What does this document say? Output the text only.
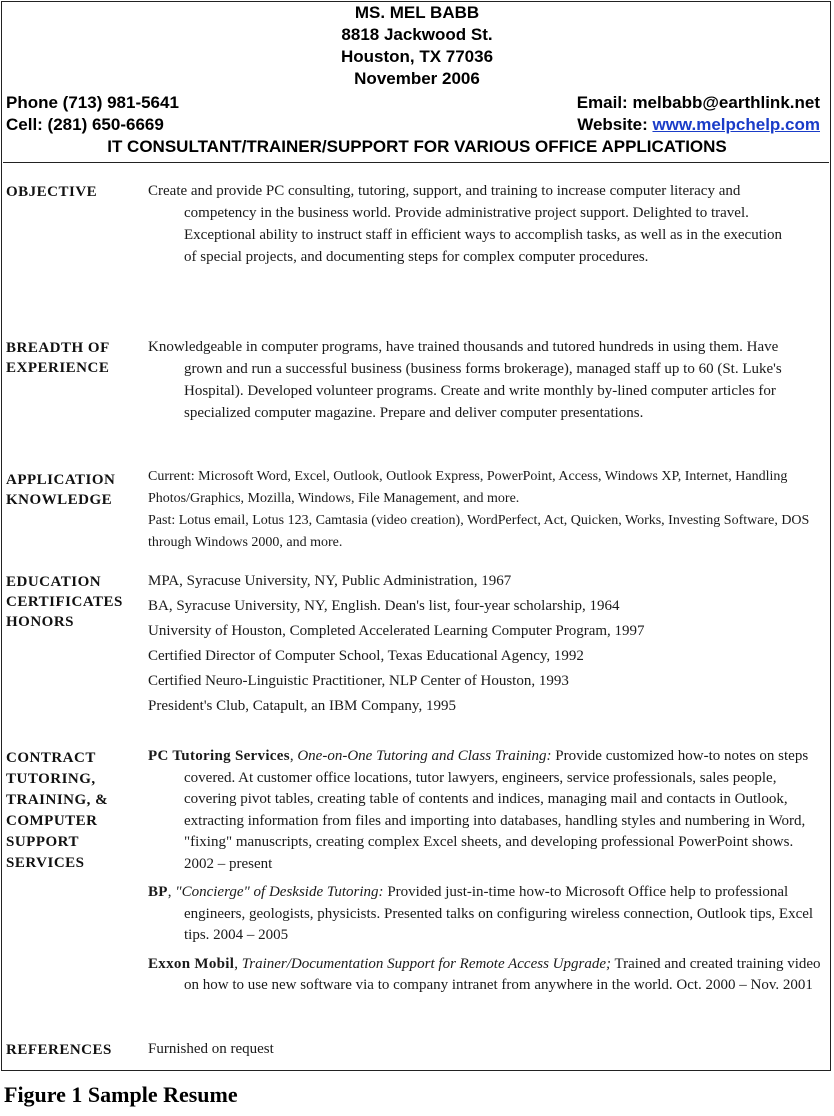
MS. MEL BABB
8818 Jackwood St.
Houston, TX 77036
November 2006
Phone (713) 981-5641
Cell: (281) 650-6669
Email: melbabb@earthlink.net
Website: www.melpchelp.com
IT CONSULTANT/TRAINER/SUPPORT FOR VARIOUS OFFICE APPLICATIONS
OBJECTIVE	Create and provide PC consulting, tutoring, support, and training to increase computer literacy and competency in the business world. Provide administrative project support. Delighted to travel. Exceptional ability to instruct staff in efficient ways to accomplish tasks, as well as in the execution of special projects, and documenting steps for complex computer procedures.

BREADTH OF
EXPERIENCE

Knowledgeable in computer programs, have trained thousands and tutored hundreds in using them. Have grown and run a successful business (business forms brokerage), managed staff up to 60 (St. Luke's Hospital). Developed volunteer programs. Create and write monthly by-lined computer articles for specialized computer magazine. Prepare and deliver computer presentations.

APPLICATION
KNOWLEDGE

Current: Microsoft Word, Excel, Outlook, Outlook Express, PowerPoint, Access, Windows XP, Internet, Handling Photos/Graphics, Mozilla, Windows, File Management, and more.

Past: Lotus email, Lotus 123, Camtasia (video creation), WordPerfect, Act, Quicken, Works, Investing Software, DOS through Windows 2000, and more.

EDUCATION
CERTIFICATES
HONORS

MPA, Syracuse University, NY, Public Administration, 1967

BA, Syracuse University, NY, English. Dean's list, four-year scholarship, 1964

University of Houston, Completed Accelerated Learning Computer Program, 1997

Certified Director of Computer School, Texas Educational Agency, 1992

Certified Neuro-Linguistic Practitioner, NLP Center of Houston, 1993

President's Club, Catapult, an IBM Company, 1995

CONTRACT
TUTORING,
TRAINING, &
COMPUTER
SUPPORT
SERVICES

PC Tutoring Services, One-on-One Tutoring and Class Training: Provide customized how-to notes on steps covered. At customer office locations, tutor lawyers, engineers, service professionals, sales people, covering pivot tables, creating table of contents and indices, managing mail and contacts in Outlook, extracting information from files and importing into databases, handling styles and numbering in Word, "fixing" manuscripts, creating complex Excel sheets, and developing professional PowerPoint shows. 2002 – present

BP, "Concierge" of Deskside Tutoring: Provided just-in-time how-to Microsoft Office help to professional engineers, geologists, physicists. Presented talks on configuring wireless connection, Outlook tips, Excel tips. 2004 – 2005

Exxon Mobil, Trainer/Documentation Support for Remote Access Upgrade; Trained and created training video on how to use new software via to company intranet from anywhere in the world. Oct. 2000 – Nov. 2001

REFERENCES	Furnished on request
Figure 1 Sample Resume
